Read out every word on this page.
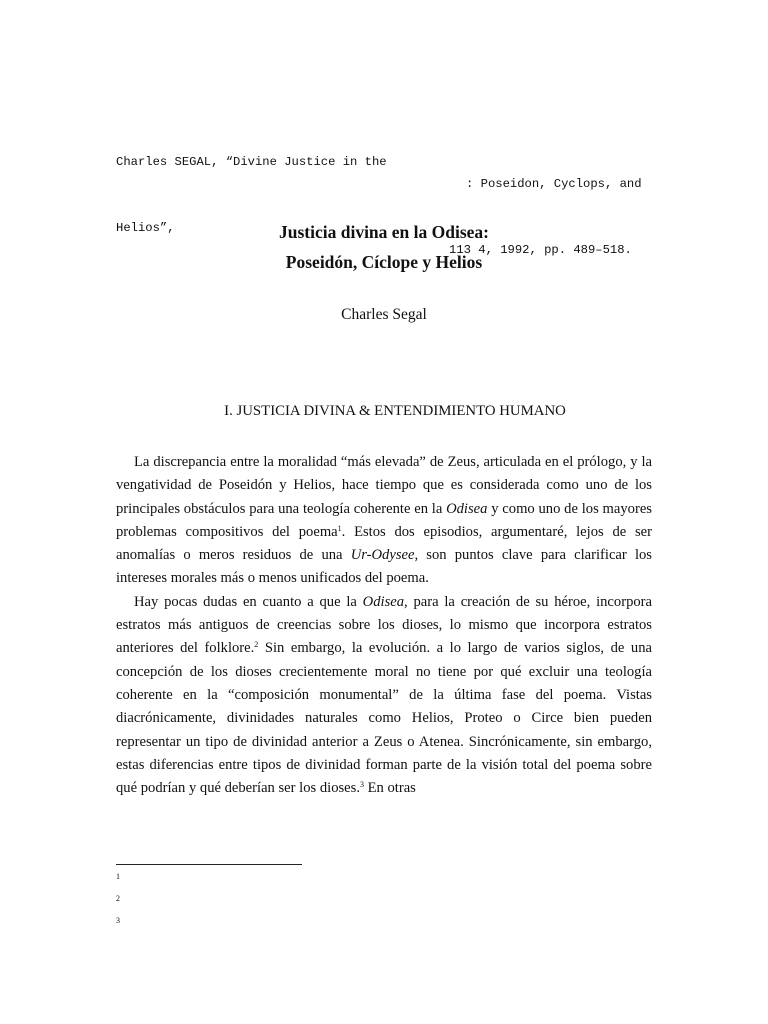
Charles SEGAL, “Divine Justice in the

: Poseidon, Cyclops, and

Helios”,

113 4, 1992, pp. 489–518.

Justicia divina en la Odisea:
Poseidón, Cíclope y Helios
Charles Segal
I. JUSTICIA DIVINA & ENTENDIMIENTO HUMANO

La discrepancia entre la moralidad “más elevada” de Zeus, articulada en el prólogo, y la vengatividad de Poseidón y Helios, hace tiempo que es considerada como uno de los principales obstáculos para una teología coherente en la Odisea y como uno de los mayores problemas compositivos del poema$^1$. Estos dos episodios, argumentaré, lejos de ser anomalías o meros residuos de una Ur-Odysee, son puntos clave para clarificar los intereses morales más o menos unificados del poema.

Hay pocas dudas en cuanto a que la Odisea, para la creación de su héroe, incorpora estratos más antiguos de creencias sobre los dioses, lo mismo que incorpora estratos anteriores del folklore.$^2$ Sin embargo, la evolución. a lo largo de varios siglos, de una concepción de los dioses crecientemente moral no tiene por qué excluir una teología coherente en la “composición monumental” de la última fase del poema. Vistas diacrónicamente, divinidades naturales como Helios, Proteo o Circe bien pueden representar un tipo de divinidad anterior a Zeus o Atenea. Sincrónicamente, sin embargo, estas diferencias entre tipos de divinidad forman parte de la visión total del poema sobre qué podrían y qué deberían ser los dioses.$^3$ En otras

1
2
3
